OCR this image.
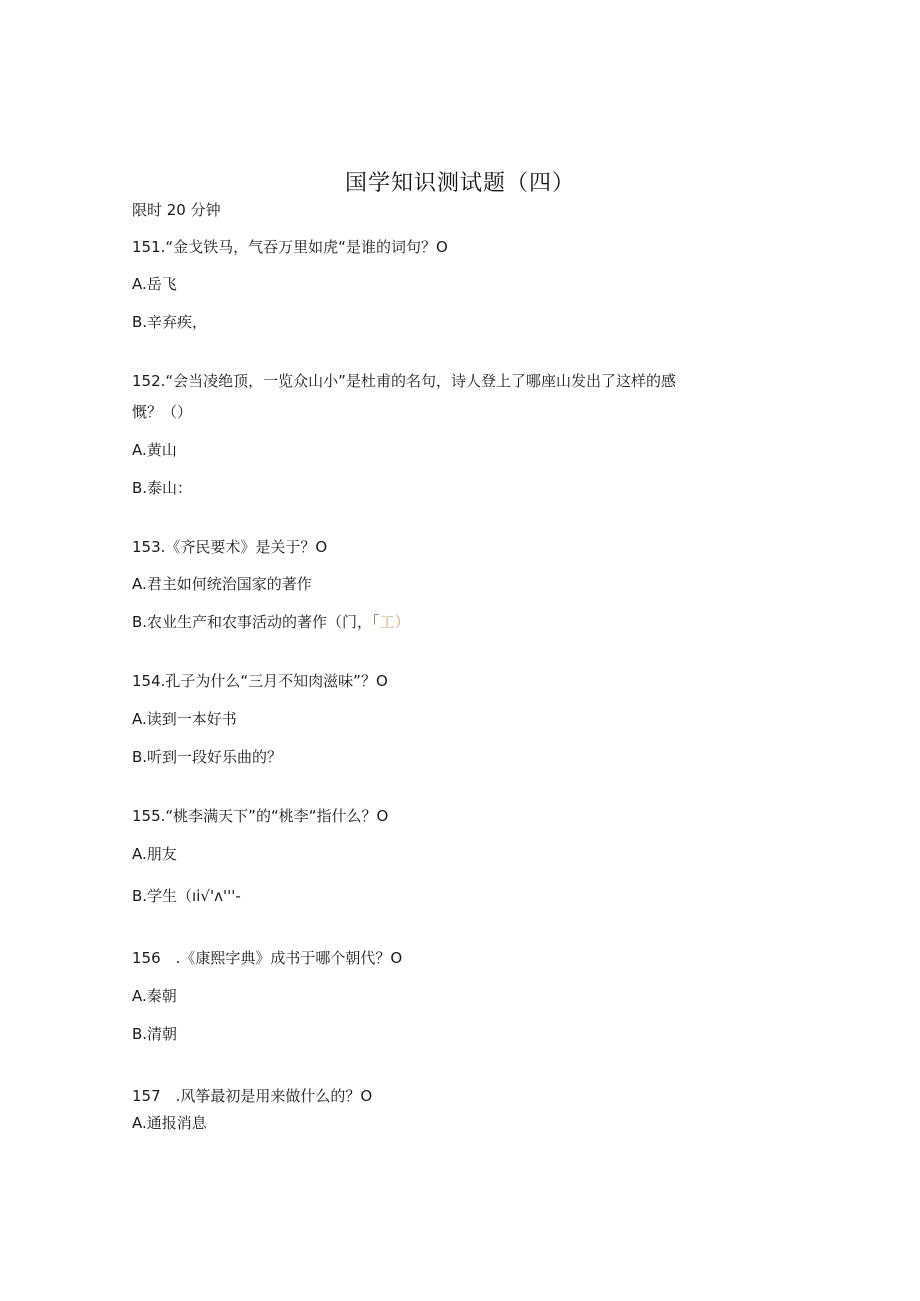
国学知识测试题（四）
限时 20 分钟
151.“金戈铁马，气吞万里如虎“是谁的词句？O
A.岳飞
B.辛弃疾，
152.“会当凌绝顶，一览众山小”是杜甫的名句，诗人登上了哪座山发出了这样的感
慨？（）
A.黄山
B.泰山：
153.《齐民要术》是关于？O
A.君主如何统治国家的著作
B.农业生产和农事活动的著作（门，「工）
154.孔子为什么“三月不知肉滋味”？O
A.读到一本好书
B.听到一段好乐曲的？
155.“桃李满天下”的“桃李“指什么？O
A.朋友
B.学生（ıi√'ʌ'''-
156　.《康熙字典》成书于哪个朝代？O
A.秦朝
B.清朝
157　.风筝最初是用来做什么的？O
A.通报消息
